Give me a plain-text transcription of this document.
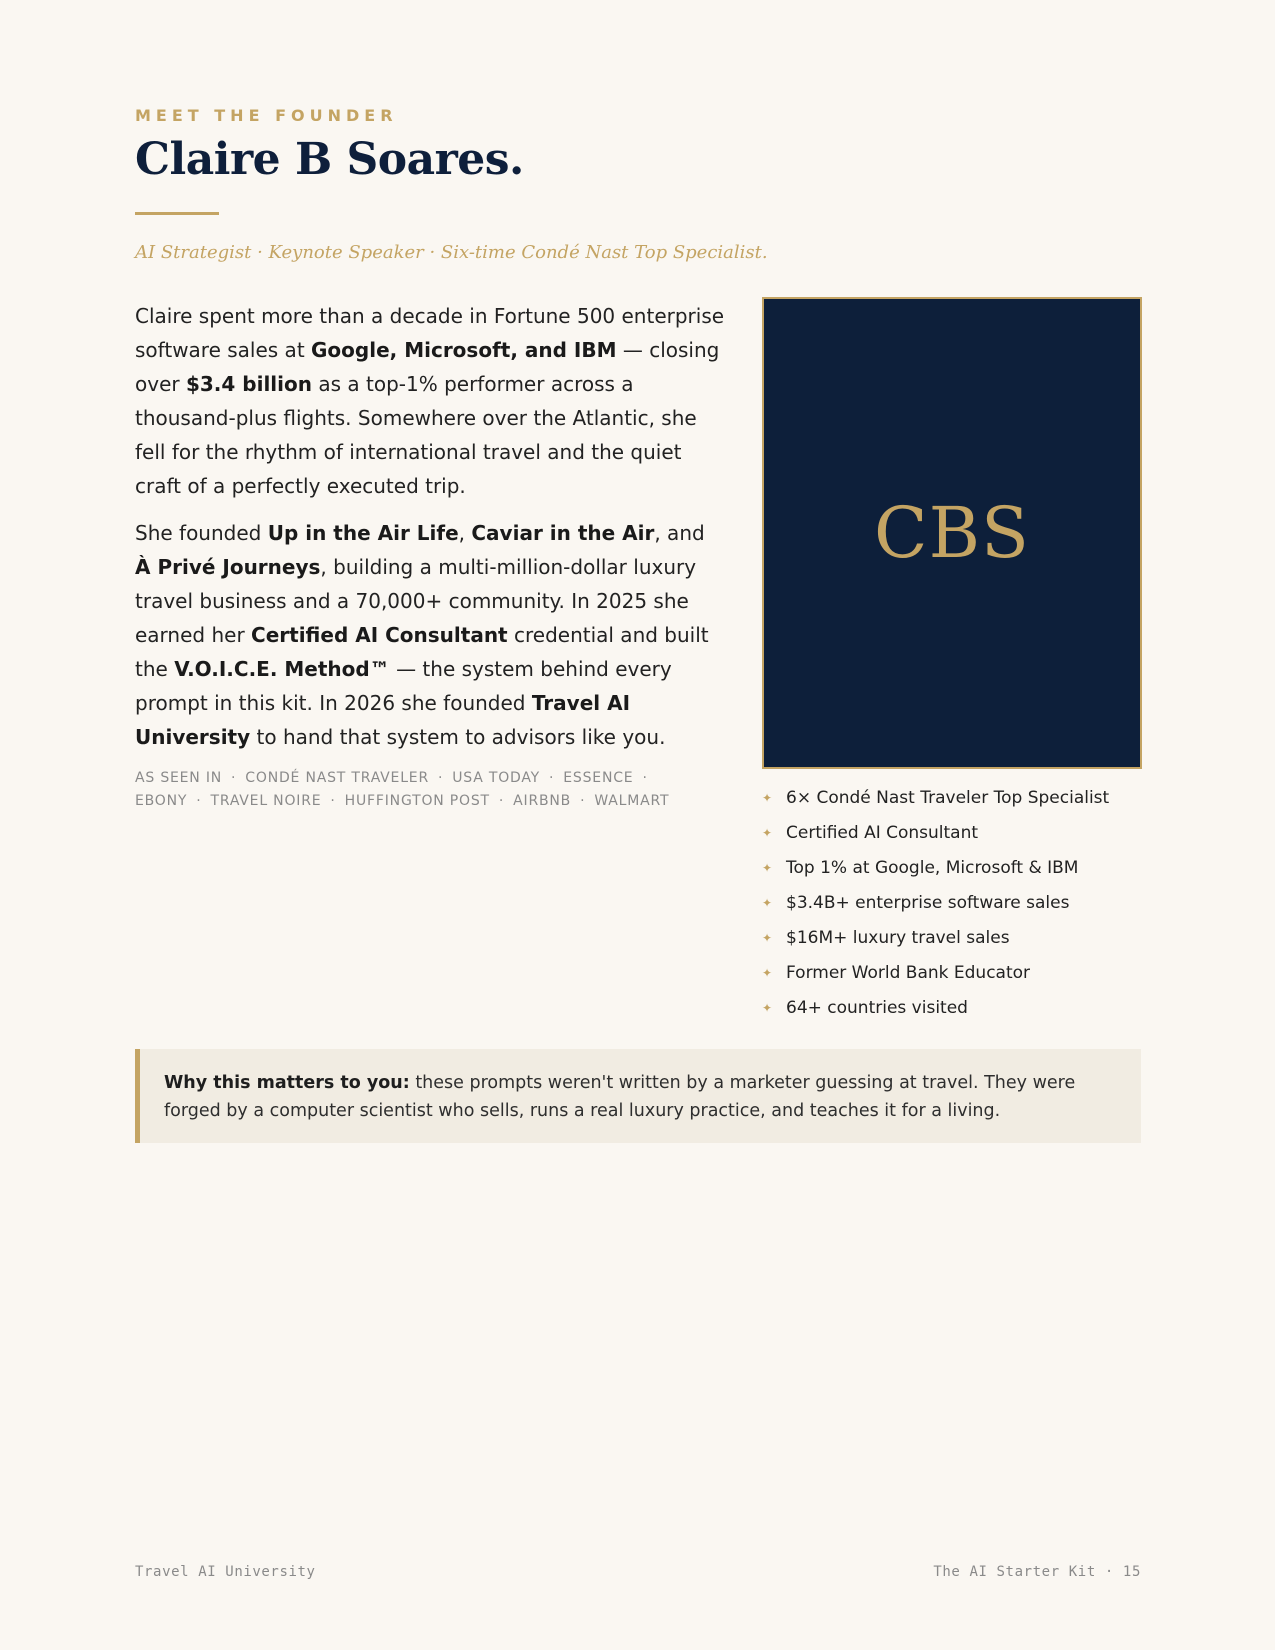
MEET THE FOUNDER
Claire B Soares.
AI Strategist · Keynote Speaker · Six-time Condé Nast Top Specialist.

Claire spent more than a decade in Fortune 500 enterprise software sales at Google, Microsoft, and IBM — closing over $3.4 billion as a top-1% performer across a thousand-plus flights. Somewhere over the Atlantic, she fell for the rhythm of international travel and the quiet craft of a perfectly executed trip.

She founded Up in the Air Life, Caviar in the Air, and À Privé Journeys, building a multi-million-dollar luxury travel business and a 70,000+ community. In 2025 she earned her Certified AI Consultant credential and built the V.O.I.C.E. Method™ — the system behind every prompt in this kit. In 2026 she founded Travel AI University to hand that system to advisors like you.

AS SEEN IN · CONDÉ NAST TRAVELER · USA TODAY · ESSENCE ·
EBONY · TRAVEL NOIRE · HUFFINGTON POST · AIRBNB · WALMART
CBS
✦ 6× Condé Nast Traveler Top Specialist
✦ Certified AI Consultant
✦ Top 1% at Google, Microsoft & IBM
✦ $3.4B+ enterprise software sales
✦ $16M+ luxury travel sales
✦ Former World Bank Educator
✦ 64+ countries visited
Why this matters to you: these prompts weren't written by a marketer guessing at travel. They were forged by a computer scientist who sells, runs a real luxury practice, and teaches it for a living.
Travel AI University	The AI Starter Kit · 15
